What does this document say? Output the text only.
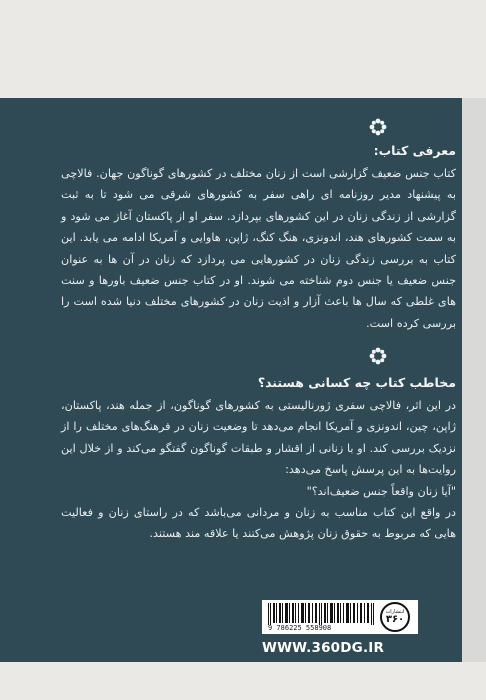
معرفی کتاب:

کتاب جنس ضعیف گزارشی است از زنان مختلف در کشورهای گوناگون جهان. فالاچی به پیشنهاد مدیر روزنامه ای راهی سفر به کشورهای شرقی می شود تا به ثبت گزارشی از زندگی زنان در این کشورهای بپردازد. سفر او از پاکستان آغاز می شود و به سمت کشورهای هند، اندونزی، هنگ کنگ، ژاپن، هاوایی و آمریکا ادامه می یابد. این کتاب به بررسی زندگی زنان در کشورهایی می پردازد که زنان در آن ها به عنوان جنس ضعیف یا جنس دوم شناخته می شوند. او در کتاب جنس ضعیف باورها و سنت های غلطی که سال ها باعث آزار و اذیت زنان در کشورهای مختلف دنیا شده است را بررسی کرده است.

مخاطب کتاب چه کسانی هستند؟

در این اثر، فالاچی سفری ژورنالیستی به کشورهای گوناگون، از جمله هند، پاکستان، ژاپن، چین، اندونزی و آمریکا انجام می‌دهد تا وضعیت زنان در فرهنگ‌های مختلف را از نزدیک بررسی کند. او با زنانی از اقشار و طبقات گوناگون گفتگو می‌کند و از خلال این روایت‌ها به این پرسش پاسخ می‌دهد:

"آیا زنان واقعاً جنس ضعیف‌اند؟"

در واقع این کتاب مناسب به زنان و مردانی می‌باشد که در راستای زنان و فعالیت هایی که مربوط به حقوق زنان پژوهش می‌کنند یا علاقه مند هستند.

9 786225 558908
انتشارات
۳۶۰
WWW.360DG.IR
